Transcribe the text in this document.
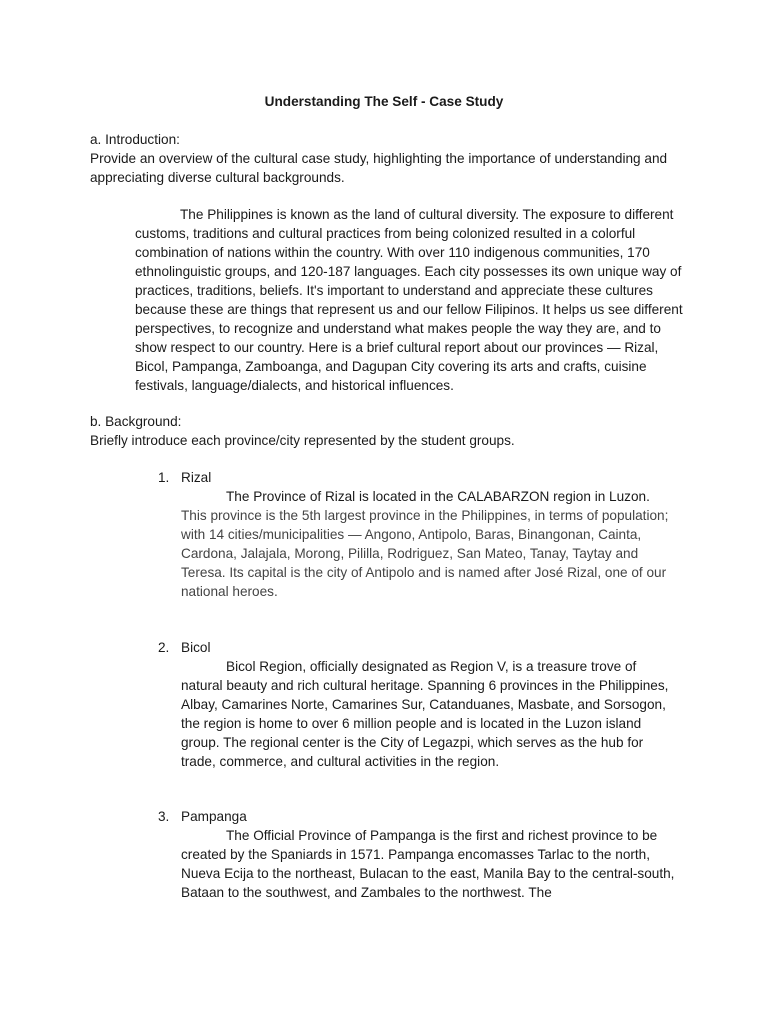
Understanding The Self - Case Study

a. Introduction:

Provide an overview of the cultural case study, highlighting the importance of understanding and appreciating diverse cultural backgrounds.

The Philippines is known as the land of cultural diversity. The exposure to different customs, traditions and cultural practices from being colonized resulted in a colorful combination of nations within the country. With over 110 indigenous communities, 170 ethnolinguistic groups, and 120-187 languages. Each city possesses its own unique way of practices, traditions, beliefs. It's important to understand and appreciate these cultures because these are things that represent us and our fellow Filipinos. It helps us see different perspectives, to recognize and understand what makes people the way they are, and to show respect to our country. Here is a brief cultural report about our provinces — Rizal, Bicol, Pampanga, Zamboanga, and Dagupan City covering its arts and crafts, cuisine festivals, language/dialects, and historical influences.

b. Background:

Briefly introduce each province/city represented by the student groups.

1. Rizal
The Province of Rizal is located in the CALABARZON region in Luzon.
This province is the 5th largest province in the Philippines, in terms of population; with 14 cities/municipalities — Angono, Antipolo, Baras, Binangonan, Cainta, Cardona, Jalajala, Morong, Pililla, Rodriguez, San Mateo, Tanay, Taytay and Teresa. Its capital is the city of Antipolo and is named after José Rizal, one of our national heroes.
2. Bicol
Bicol Region, officially designated as Region V, is a treasure trove of natural beauty and rich cultural heritage. Spanning 6 provinces in the Philippines, Albay, Camarines Norte, Camarines Sur, Catanduanes, Masbate, and Sorsogon, the region is home to over 6 million people and is located in the Luzon island group. The regional center is the City of Legazpi, which serves as the hub for trade, commerce, and cultural activities in the region.
3. Pampanga
The Official Province of Pampanga is the first and richest province to be created by the Spaniards in 1571. Pampanga encomasses Tarlac to the north, Nueva Ecija to the northeast, Bulacan to the east, Manila Bay to the central-south, Bataan to the southwest, and Zambales to the northwest. The
